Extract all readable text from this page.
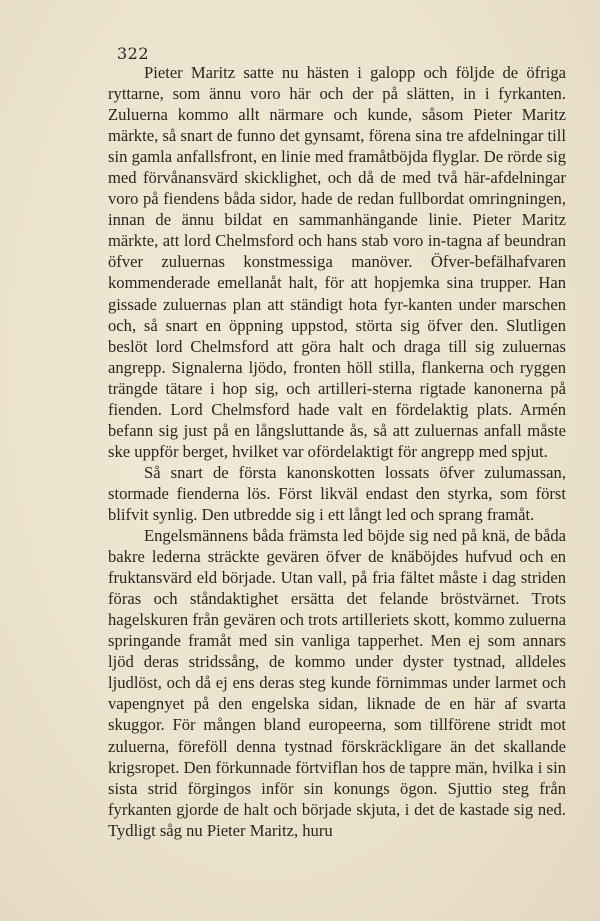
322

Pieter Maritz satte nu hästen i galopp och följde de öfriga ryttarne, som ännu voro här och der på slätten, in i fyrkanten. Zuluerna kommo allt närmare och kunde, såsom Pieter Maritz märkte, så snart de funno det gynsamt, förena sina tre afdelningar till sin gamla anfallsfront, en linie med framåtböjda flyglar. De rörde sig med förvånansvärd skicklighet, och då de med två här-afdelningar voro på fiendens båda sidor, hade de redan fullbordat omringningen, innan de ännu bildat en sammanhängande linie. Pieter Maritz märkte, att lord Chelmsford och hans stab voro in-tagna af beundran öfver zuluernas konstmessiga manöver. Öfver-befälhafvaren kommenderade emellanåt halt, för att hopjemka sina trupper. Han gissade zuluernas plan att ständigt hota fyr-kanten under marschen och, så snart en öppning uppstod, störta sig öfver den. Slutligen beslöt lord Chelmsford att göra halt och draga till sig zuluernas angrepp. Signalerna ljödo, fronten höll stilla, flankerna och ryggen trängde tätare i hop sig, och artilleri-sterna rigtade kanonerna på fienden. Lord Chelmsford hade valt en fördelaktig plats. Armén befann sig just på en långsluttande ås, så att zuluernas anfall måste ske uppför berget, hvilket var ofördelaktigt för angrepp med spjut.

Så snart de första kanonskotten lossats öfver zulumassan, stormade fienderna lös. Först likväl endast den styrka, som först blifvit synlig. Den utbredde sig i ett långt led och sprang framåt.

Engelsmännens båda främsta led böjde sig ned på knä, de båda bakre lederna sträckte gevären öfver de knäböjdes hufvud och en fruktansvärd eld började. Utan vall, på fria fältet måste i dag striden föras och ståndaktighet ersätta det felande bröstvärnet. Trots hagelskuren från gevären och trots artilleriets skott, kommo zuluerna springande framåt med sin vanliga tapperhet. Men ej som annars ljöd deras stridssång, de kommo under dyster tystnad, alldeles ljudlöst, och då ej ens deras steg kunde förnimmas under larmet och vapengnyet på den engelska sidan, liknade de en här af svarta skuggor. För mången bland europeerna, som tillförene stridt mot zuluerna, föreföll denna tystnad förskräckligare än det skallande krigsropet. Den förkunnade förtviflan hos de tappre män, hvilka i sin sista strid förgingos inför sin konungs ögon. Sjuttio steg från fyrkanten gjorde de halt och började skjuta, i det de kastade sig ned. Tydligt såg nu Pieter Maritz, huru
